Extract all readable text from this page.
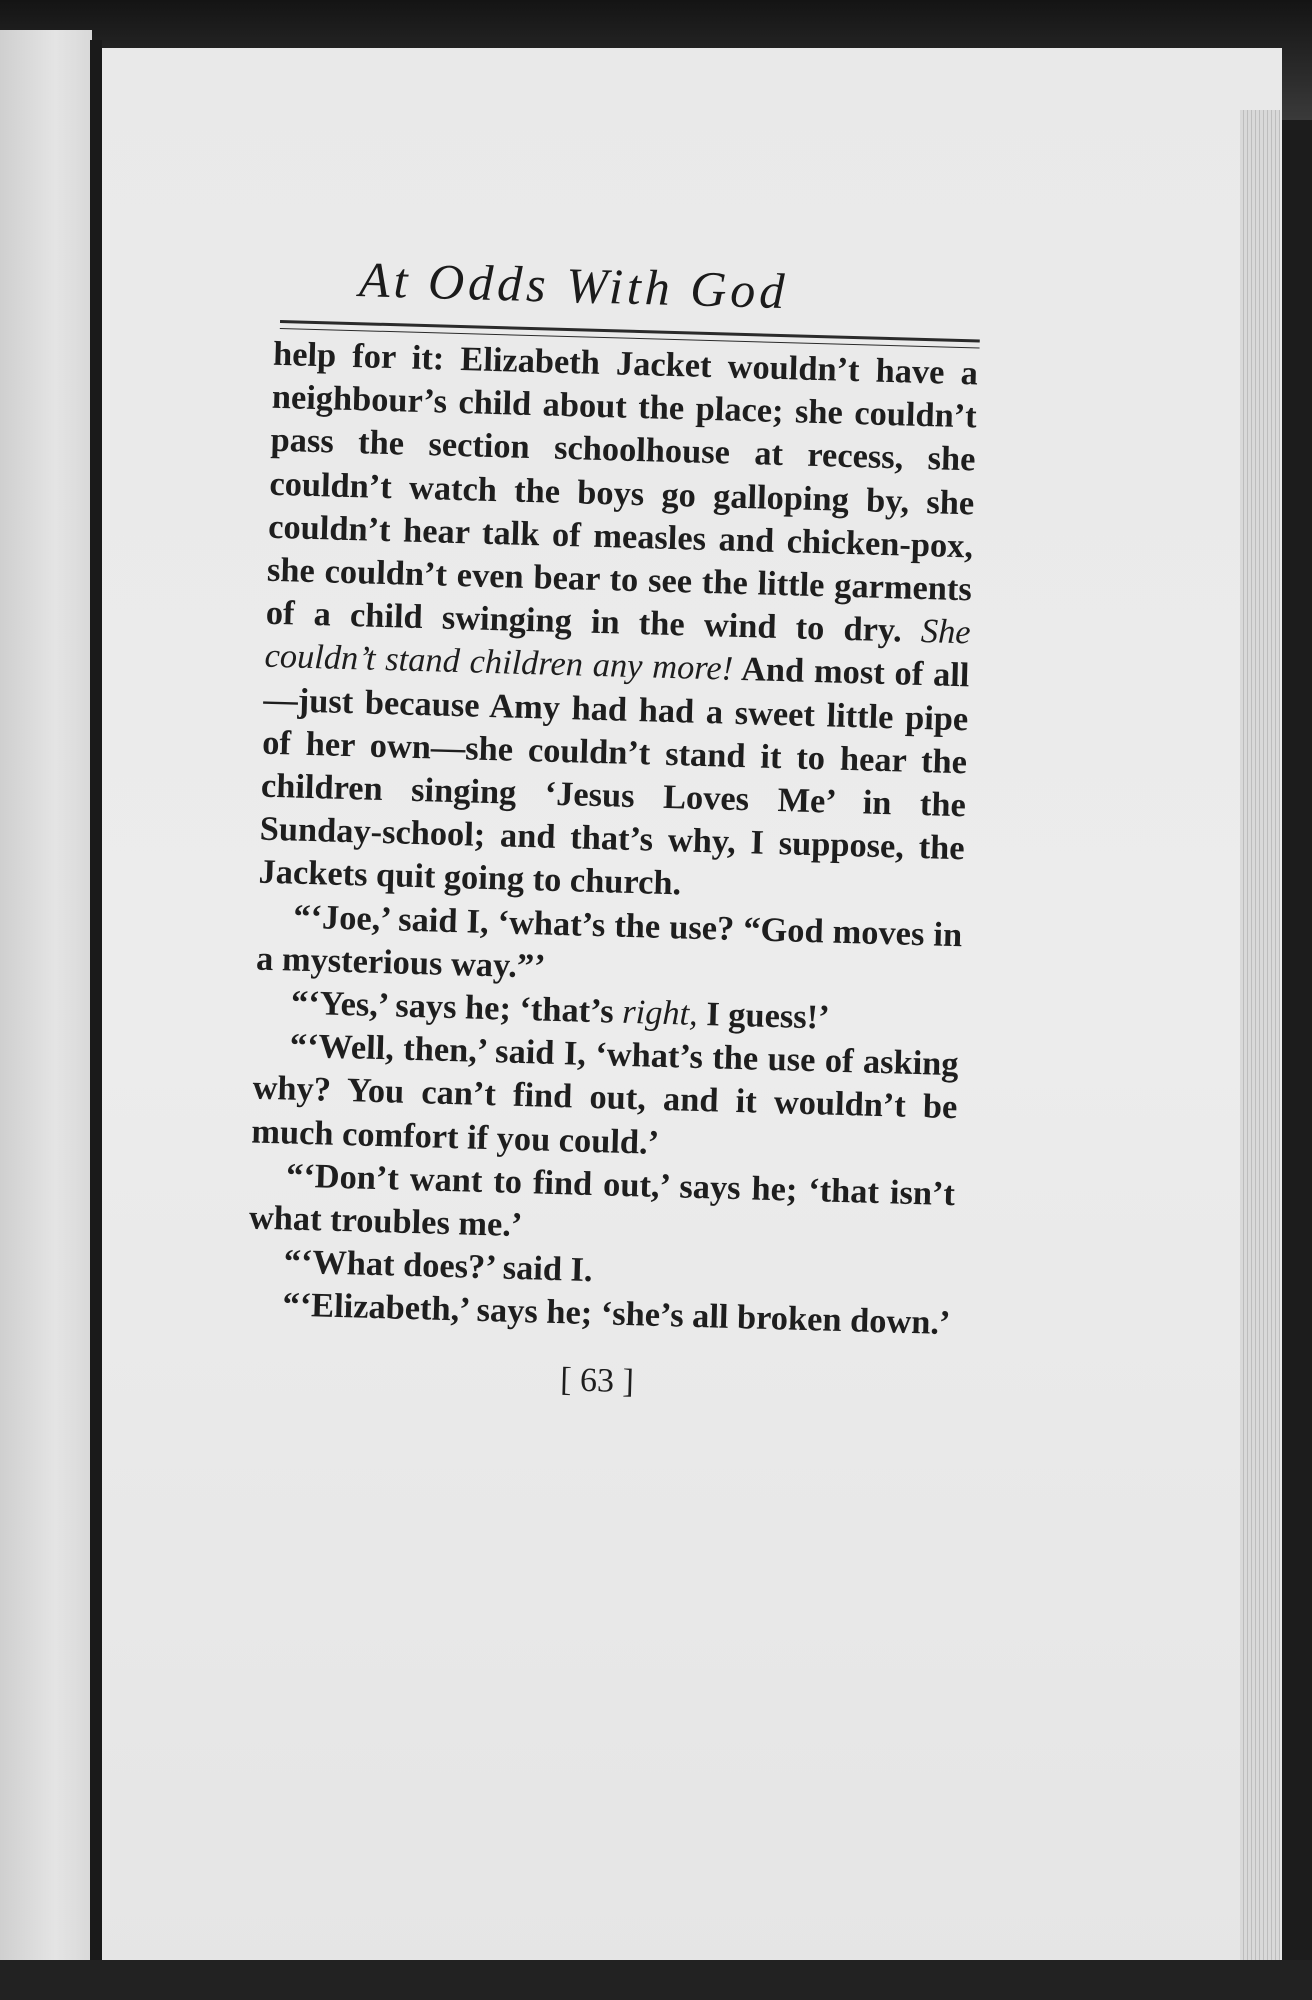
At Odds With God

help for it: Elizabeth Jacket wouldn’t have a neighbour’s child about the place; she couldn’t pass the section schoolhouse at recess, she couldn’t watch the boys go galloping by, she couldn’t hear talk of measles and chicken-pox, she couldn’t even bear to see the little garments of a child swinging in the wind to dry. She couldn’t stand children any more! And most of all—just because Amy had had a sweet little pipe of her own—she couldn’t stand it to hear the children singing ‘Jesus Loves Me’ in the Sunday-school; and that’s why, I suppose, the Jackets quit going to church.

“‘Joe,’ said I, ‘what’s the use? “God moves in a mysterious way.”’

“‘Yes,’ says he; ‘that’s right, I guess!’

“‘Well, then,’ said I, ‘what’s the use of asking why? You can’t find out, and it wouldn’t be much comfort if you could.’

“‘Don’t want to find out,’ says he; ‘that isn’t what troubles me.’

“‘What does?’ said I.

“‘Elizabeth,’ says he; ‘she’s all broken down.’

[ 63 ]
